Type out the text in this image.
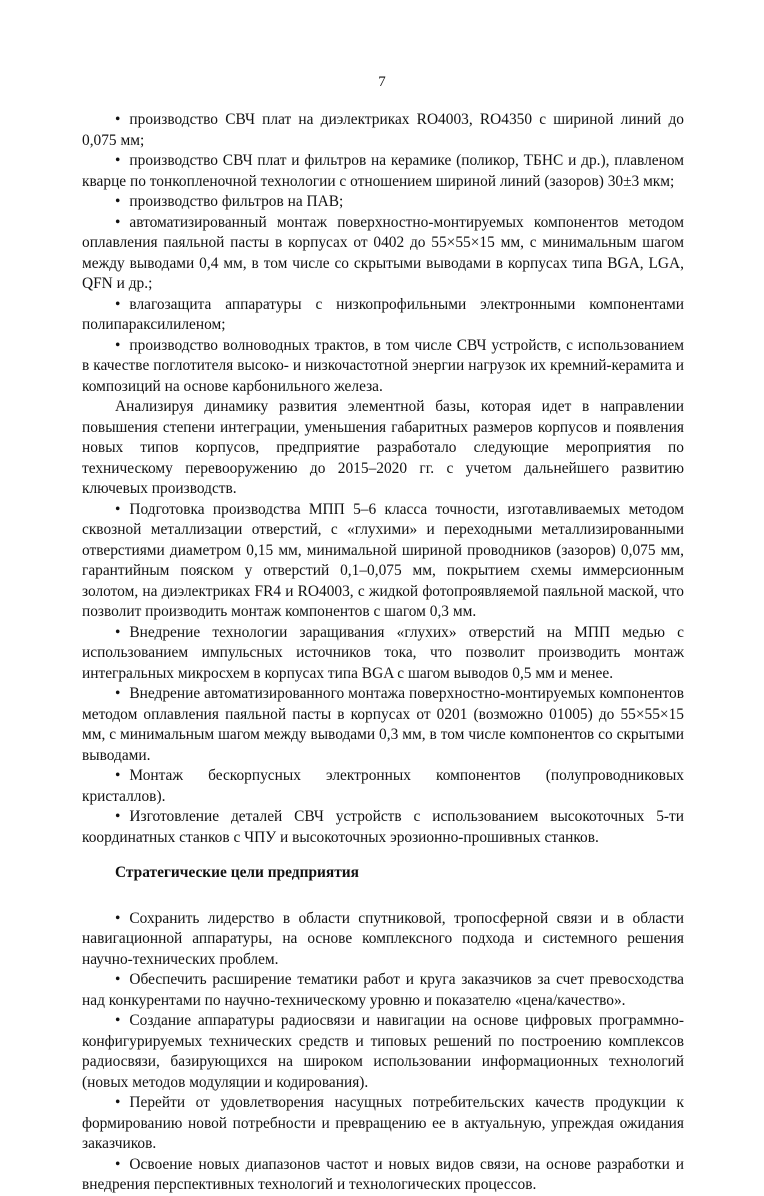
7

• производство СВЧ плат на диэлектриках RO4003, RO4350 с шириной линий до 0,075 мм;

• производство СВЧ плат и фильтров на керамике (поликор, ТБНС и др.), плавленом кварце по тонкопленочной технологии с отношением шириной линий (зазоров) 30±3 мкм;

• производство фильтров на ПАВ;

• автоматизированный монтаж поверхностно-монтируемых компонентов методом оплавления паяльной пасты в корпусах от 0402 до 55×55×15 мм, с минимальным шагом между выводами 0,4 мм, в том числе со скрытыми выводами в корпусах типа BGA, LGA, QFN и др.;

• влагозащита аппаратуры с низкопрофильными электронными компонентами полипараксилиленом;

• производство волноводных трактов, в том числе СВЧ устройств, с использованием в качестве поглотителя высоко- и низкочастотной энергии нагрузок их кремний-керамита и композиций на основе карбонильного железа.

Анализируя динамику развития элементной базы, которая идет в направлении повышения степени интеграции, уменьшения габаритных размеров корпусов и появления новых типов корпусов, предприятие разработало следующие мероприятия по техническому перевооружению до 2015–2020 гг. с учетом дальнейшего развитию ключевых производств.

• Подготовка производства МПП 5–6 класса точности, изготавливаемых методом сквозной металлизации отверстий, с «глухими» и переходными металлизированными отверстиями диаметром 0,15 мм, минимальной шириной проводников (зазоров) 0,075 мм, гарантийным пояском у отверстий 0,1–0,075 мм, покрытием схемы иммерсионным золотом, на диэлектриках FR4 и RO4003, с жидкой фотопроявляемой паяльной маской, что позволит производить монтаж компонентов с шагом 0,3 мм.

• Внедрение технологии заращивания «глухих» отверстий на МПП медью с использованием импульсных источников тока, что позволит производить монтаж интегральных микросхем в корпусах типа BGA с шагом выводов 0,5 мм и менее.

• Внедрение автоматизированного монтажа поверхностно-монтируемых компонентов методом оплавления паяльной пасты в корпусах от 0201 (возможно 01005) до 55×55×15 мм, с минимальным шагом между выводами 0,3 мм, в том числе компонентов со скрытыми выводами.

• Монтаж бескорпусных электронных компонентов (полупроводниковых кристаллов).

• Изготовление деталей СВЧ устройств с использованием высокоточных 5-ти координатных станков с ЧПУ и высокоточных эрозионно-прошивных станков.

Стратегические цели предприятия

• Сохранить лидерство в области спутниковой, тропосферной связи и в области навигационной аппаратуры, на основе комплексного подхода и системного решения научно-технических проблем.

• Обеспечить расширение тематики работ и круга заказчиков за счет превосходства над конкурентами по научно-техническому уровню и показателю «цена/качество».

• Создание аппаратуры радиосвязи и навигации на основе цифровых программно-конфигурируемых технических средств и типовых решений по построению комплексов радиосвязи, базирующихся на широком использовании информационных технологий (новых методов модуляции и кодирования).

• Перейти от удовлетворения насущных потребительских качеств продукции к формированию новой потребности и превращению ее в актуальную, упреждая ожидания заказчиков.

• Освоение новых диапазонов частот и новых видов связи, на основе разработки и внедрения перспективных технологий и технологических процессов.
